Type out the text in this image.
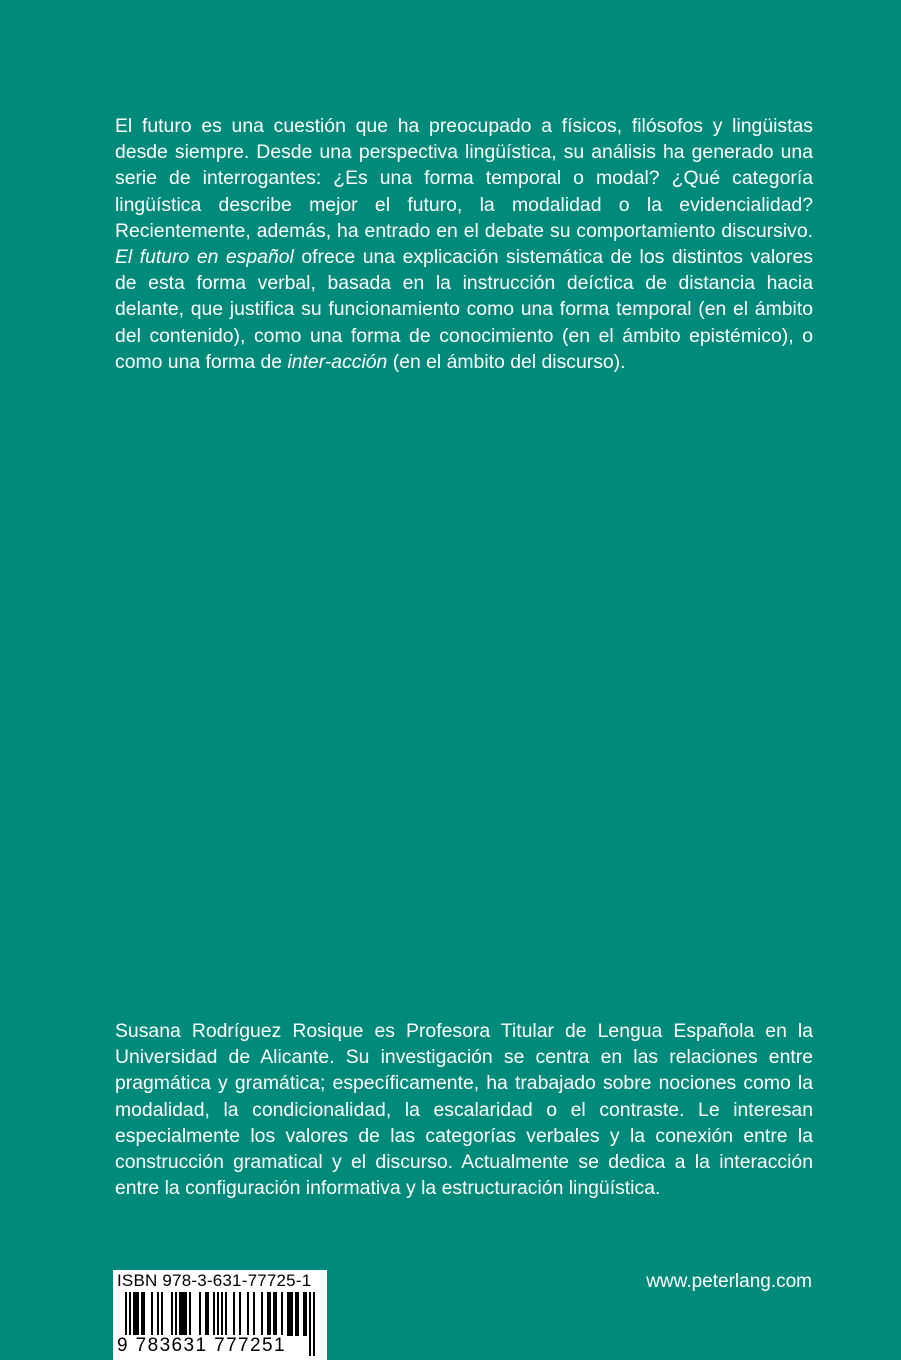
El futuro es una cuestión que ha preocupado a físicos, filósofos y lingüistas desde siempre. Desde una perspectiva lingüística, su análisis ha generado una serie de interrogantes: ¿Es una forma temporal o modal? ¿Qué categoría lingüística describe mejor el futuro, la modalidad o la evidencialidad? Recientemente, además, ha entrado en el debate su comportamiento discursivo. El futuro en español ofrece una explicación sistemática de los distintos valores de esta forma verbal, basada en la instrucción deíctica de distancia hacia delante, que justifica su funcionamiento como una forma temporal (en el ámbito del contenido), como una forma de conocimiento (en el ámbito epistémico), o como una forma de inter-acción (en el ámbito del discurso).

Susana Rodríguez Rosique es Profesora Titular de Lengua Española en la Universidad de Alicante. Su investigación se centra en las relaciones entre pragmática y gramática; específicamente, ha trabajado sobre nociones como la modalidad, la condicionalidad, la escalaridad o el contraste. Le interesan especialmente los valores de las categorías verbales y la conexión entre la construcción gramatical y el discurso. Actualmente se dedica a la interacción entre la configuración informativa y la estructuración lingüística.

ISBN 978-3-631-77725-1
9 783631 777251
www.peterlang.com
